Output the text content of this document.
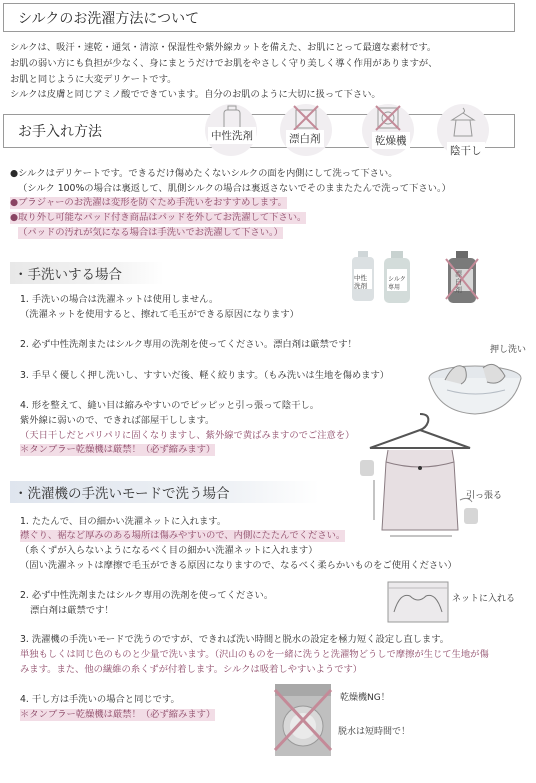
シルクのお洗濯方法について
シルクは、吸汗・速乾・通気・清涼・保湿性や紫外線カットを備えた、お肌にとって最適な素材です。
お肌の弱い方にも負担が少なく、身にまとうだけでお肌をやさしく守り美しく導く作用がありますが、
お肌と同じように大変デリケートです。
シルクは皮膚と同じアミノ酸でできています。自分のお肌のように大切に扱って下さい。
お手入れ方法	中性洗剤	漂白剤	乾燥機
陰干し
●シルクはデリケートです。できるだけ傷めたくないシルクの面を内側にして洗って下さい。
（シルク 100%の場合は裏返して、肌側シルクの場合は裏返さないでそのままたたんで洗って下さい。）
●ブラジャーのお洗濯は変形を防ぐため手洗いをおすすめします。
●取り外し可能なパッド付き商品はパッドを外してお洗濯して下さい。
（パッドの汚れが気になる場合は手洗いでお洗濯して下さい。）
・手洗いする場合	中性洗剤
シルク専用
漂白剤
1. 手洗いの場合は洗濯ネットは使用しません。
（洗濯ネットを使用すると、擦れて毛玉ができる原因になります）
2. 必ず中性洗剤またはシルク専用の洗剤を使ってください。漂白剤は厳禁です！
3. 手早く優しく押し洗いし、すすいだ後、軽く絞ります。（もみ洗いは生地を傷めます）
4. 形を整えて、縫い目は縮みやすいのでピッピッと引っ張って陰干し。
紫外線に弱いので、できれば部屋干しします。
（天日干しだとパリパリに固くなりますし、紫外線で黄ばみますのでご注意を）
＊タンブラー乾燥機は厳禁！（必ず縮みます）
押し洗い
引っ張る
・洗濯機の手洗いモードで洗う場合
1. たたんで、目の細かい洗濯ネットに入れます。
襟ぐり、裾など厚みのある場所は傷みやすいので、内側にたたんでください。
（糸くずが入らないようになるべく目の細かい洗濯ネットに入れます）
（固い洗濯ネットは摩擦で毛玉ができる原因になりますので、なるべく柔らかいものをご使用ください）
2. 必ず中性洗剤またはシルク専用の洗剤を使ってください。
漂白剤は厳禁です！
ネットに入れる
3. 洗濯機の手洗いモードで洗うのですが、できれば洗い時間と脱水の設定を極力短く設定し直します。
単独もしくは同じ色のものと少量で洗います。（沢山のものを一緒に洗うと洗濯物どうしで摩擦が生じて生地が傷
みます。また、他の繊維の糸くずが付着します。シルクは吸着しやすいようです）
4. 干し方は手洗いの場合と同じです。
＊タンブラー乾燥機は厳禁！（必ず縮みます）
乾燥機NG！
脱水は短時間で！
